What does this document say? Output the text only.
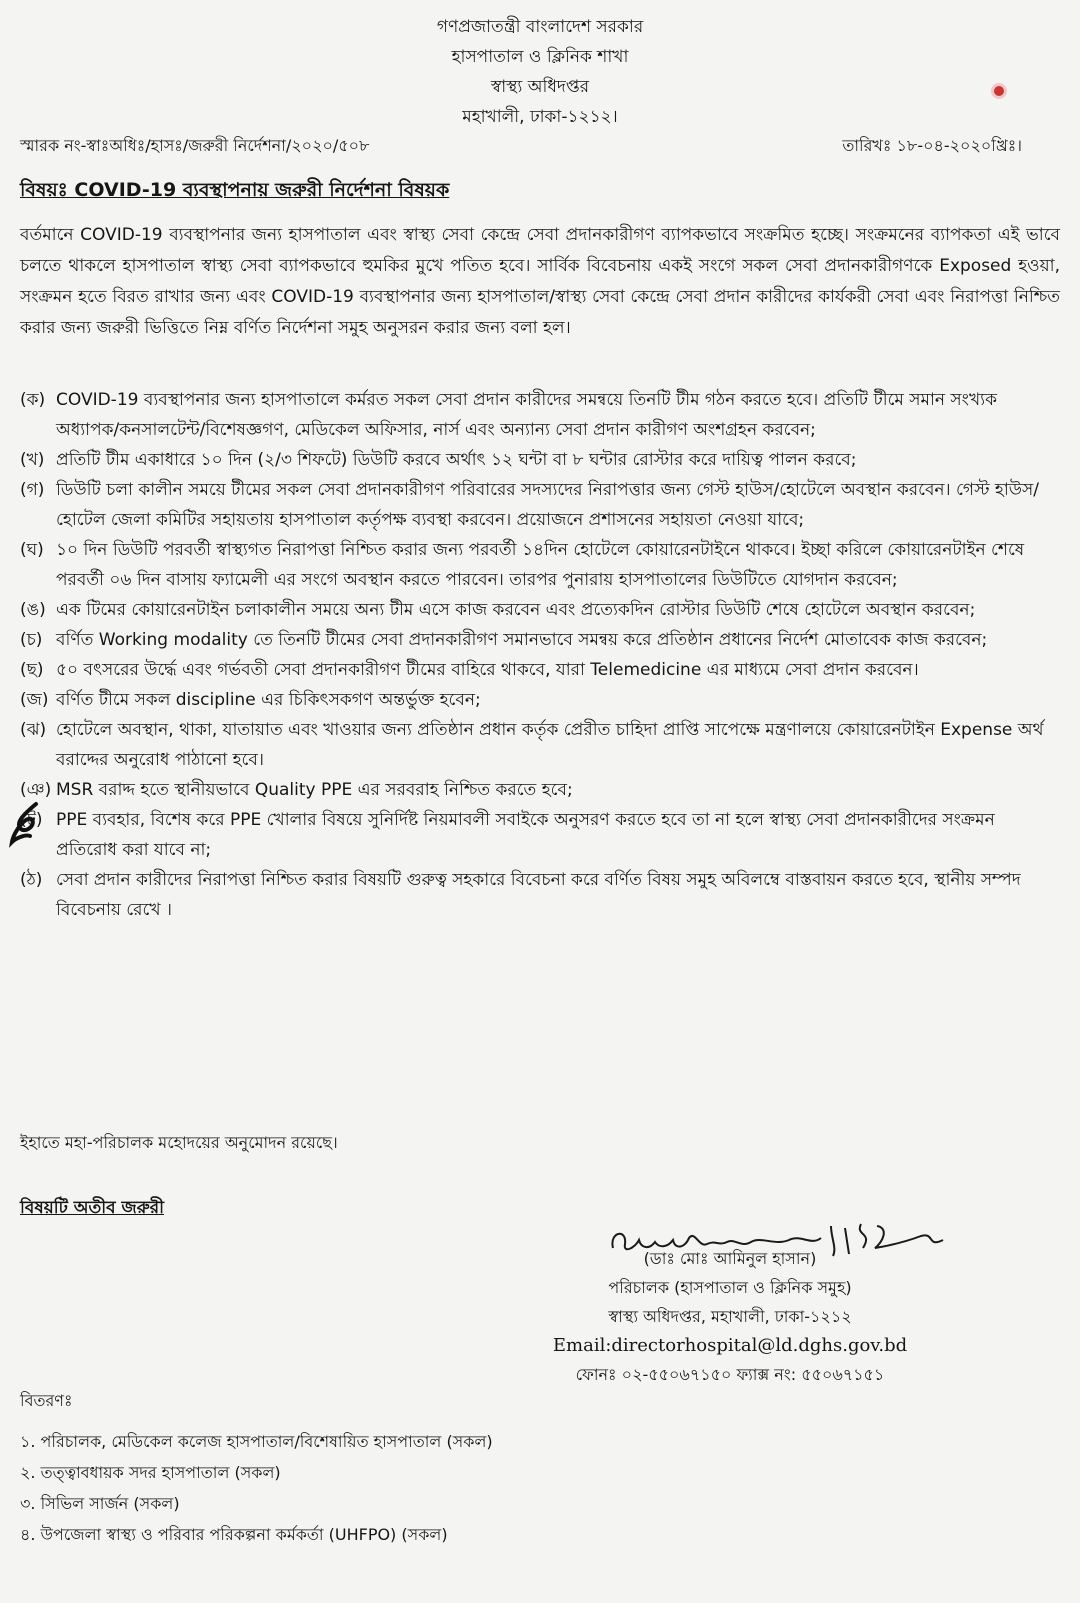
গণপ্রজাতন্ত্রী বাংলাদেশ সরকার
হাসপাতাল ও ক্লিনিক শাখা
স্বাস্থ্য অধিদপ্তর
মহাখালী, ঢাকা-১২১২।
স্মারক নং-স্বাঃঅধিঃ/হাসঃ/জরুরী নির্দেশনা/২০২০/৫০৮	তারিখঃ ১৮-০৪-২০২০খ্রিঃ।
বিষয়ঃ COVID-19 ব্যবস্থাপনায় জরুরী নির্দেশনা বিষয়ক
বর্তমানে COVID-19 ব্যবস্থাপনার জন্য হাসপাতাল এবং স্বাস্থ্য সেবা কেন্দ্রে সেবা প্রদানকারীগণ ব্যাপকভাবে সংক্রমিত হচ্ছে। সংক্রমনের ব্যাপকতা এই ভাবে চলতে থাকলে হাসপাতাল স্বাস্থ্য সেবা ব্যাপকভাবে হুমকির মুখে পতিত হবে। সার্বিক বিবেচনায় একই সংগে সকল সেবা প্রদানকারীগণকে Exposed হওয়া, সংক্রমন হতে বিরত রাখার জন্য এবং COVID-19 ব্যবস্থাপনার জন্য হাসপাতাল/স্বাস্থ্য সেবা কেন্দ্রে সেবা প্রদান কারীদের কার্যকরী সেবা এবং নিরাপত্তা নিশ্চিত করার জন্য জরুরী ভিত্তিতে নিম্ন বর্ণিত নির্দেশনা সমুহ অনুসরন করার জন্য বলা হল।
(ক) COVID-19 ব্যবস্থাপনার জন্য হাসপাতালে কর্মরত সকল সেবা প্রদান কারীদের সমন্বয়ে তিনটি টীম গঠন করতে হবে। প্রতিটি টীমে সমান সংখ্যক অধ্যাপক/কনসালটেন্ট/বিশেষজ্ঞগণ, মেডিকেল অফিসার, নার্স এবং অন্যান্য সেবা প্রদান কারীগণ অংশগ্রহন করবেন;
(খ) প্রতিটি টীম একাধারে ১০ দিন (২/৩ শিফটে) ডিউটি করবে অর্থাৎ ১২ ঘন্টা বা ৮ ঘন্টার রোস্টার করে দায়িত্ব পালন করবে;
(গ) ডিউটি চলা কালীন সময়ে টীমের সকল সেবা প্রদানকারীগণ পরিবারের সদস্যদের নিরাপত্তার জন্য গেস্ট হাউস/হোটেলে অবস্থান করবেন। গেস্ট হাউস/হোটেল জেলা কমিটির সহায়তায় হাসপাতাল কর্তৃপক্ষ ব্যবস্থা করবেন। প্রয়োজনে প্রশাসনের সহায়তা নেওয়া যাবে;
(ঘ) ১০ দিন ডিউটি পরবর্তী স্বাস্থ্যগত নিরাপত্তা নিশ্চিত করার জন্য পরবর্তী ১৪দিন হোটেলে কোয়ারেনটাইনে থাকবে। ইচ্ছা করিলে কোয়ারেনটাইন শেষে পরবর্তী ০৬ দিন বাসায় ফ্যামেলী এর সংগে অবস্থান করতে পারবেন। তারপর পুনারায় হাসপাতালের ডিউটিতে যোগদান করবেন;
(ঙ) এক টিমের কোয়ারেনটাইন চলাকালীন সময়ে অন্য টীম এসে কাজ করবেন এবং প্রত্যেকদিন রোস্টার ডিউটি শেষে হোটেলে অবস্থান করবেন;
(চ) বর্ণিত Working modality তে তিনটি টীমের সেবা প্রদানকারীগণ সমানভাবে সমন্বয় করে প্রতিষ্ঠান প্রধানের নির্দেশ মোতাবেক কাজ করবেন;
(ছ) ৫০ বৎসরের উর্দ্ধে এবং গর্ভবতী সেবা প্রদানকারীগণ টীমের বাহিরে থাকবে, যারা Telemedicine এর মাধ্যমে সেবা প্রদান করবেন।
(জ) বর্ণিত টীমে সকল discipline এর চিকিৎসকগণ অন্তর্ভুক্ত হবেন;
(ঝ) হোটেলে অবস্থান, থাকা, যাতায়াত এবং খাওয়ার জন্য প্রতিষ্ঠান প্রধান কর্তৃক প্রেরীত চাহিদা প্রাপ্তি সাপেক্ষে মন্ত্রণালয়ে কোয়ারেনটাইন Expense অর্থ বরাদ্দের অনুরোধ পাঠানো হবে।
(ঞ) MSR বরাদ্দ হতে স্থানীয়ভাবে Quality PPE এর সরবরাহ নিশ্চিত করতে হবে;
(ট) PPE ব্যবহার, বিশেষ করে PPE খোলার বিষয়ে সুনির্দিষ্ট নিয়মাবলী সবাইকে অনুসরণ করতে হবে তা না হলে স্বাস্থ্য সেবা প্রদানকারীদের সংক্রমন প্রতিরোধ করা যাবে না;
(ঠ) সেবা প্রদান কারীদের নিরাপত্তা নিশ্চিত করার বিষয়টি গুরুত্ব সহকারে বিবেচনা করে বর্ণিত বিষয় সমুহ অবিলম্বে বাস্তবায়ন করতে হবে, স্থানীয় সম্পদ বিবেচনায় রেখে ।
ইহাতে মহা-পরিচালক মহোদয়ের অনুমোদন রয়েছে।
বিষয়টি অতীব জরুরী
(ডাঃ মোঃ আমিনুল হাসান)
পরিচালক (হাসপাতাল ও ক্লিনিক সমুহ)
স্বাস্থ্য অধিদপ্তর, মহাখালী, ঢাকা-১২১২
Email:directorhospital@ld.dghs.gov.bd
ফোনঃ ০২-৫৫০৬৭১৫০ ফ্যাক্স নং: ৫৫০৬৭১৫১
বিতরণঃ
১. পরিচালক, মেডিকেল কলেজ হাসপাতাল/বিশেষায়িত হাসপাতাল (সকল)
২. তত্ত্বাবধায়ক সদর হাসপাতাল (সকল)
৩. সিভিল সার্জন (সকল)
৪. উপজেলা স্বাস্থ্য ও পরিবার পরিকল্পনা কর্মকর্তা (UHFPO) (সকল)
